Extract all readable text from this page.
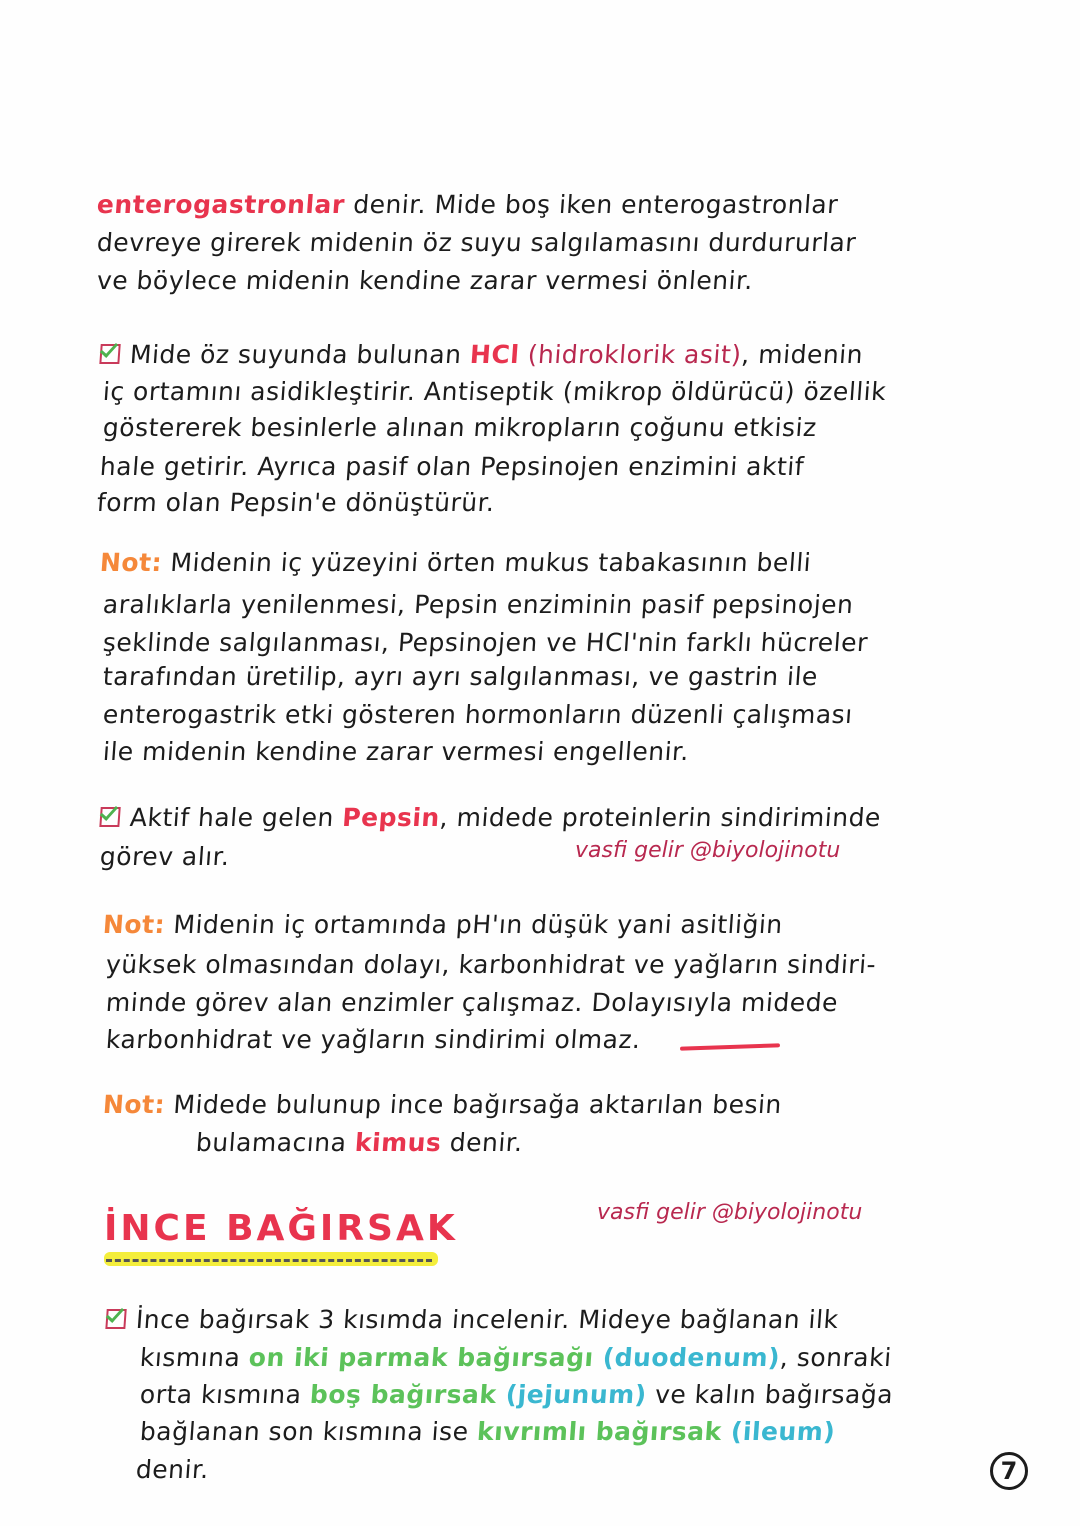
enterogastronlar denir. Mide boş iken enterogastronlar
devreye girerek midenin öz suyu salgılamasını durdururlar
ve böylece midenin kendine zarar vermesi önlenir.
Mide öz suyunda bulunan HCl (hidroklorik asit), midenin
iç ortamını asidikleştirir. Antiseptik (mikrop öldürücü) özellik
göstererek besinlerle alınan mikropların çoğunu etkisiz
hale getirir. Ayrıca pasif olan Pepsinojen enzimini aktif
form olan Pepsin'e dönüştürür.
Not: Midenin iç yüzeyini örten mukus tabakasının belli
aralıklarla yenilenmesi, Pepsin enziminin pasif pepsinojen
şeklinde salgılanması, Pepsinojen ve HCl'nin farklı hücreler
tarafından üretilip, ayrı ayrı salgılanması, ve gastrin ile
enterogastrik etki gösteren hormonların düzenli çalışması
ile midenin kendine zarar vermesi engellenir.
Aktif hale gelen Pepsin, midede proteinlerin sindiriminde
görev alır.
Not: Midenin iç ortamında pH'ın düşük yani asitliğin
yüksek olmasından dolayı, karbonhidrat ve yağların sindiri-
minde görev alan enzimler çalışmaz. Dolayısıyla midede
karbonhidrat ve yağların sindirimi olmaz.
Not: Midede bulunup ince bağırsağa aktarılan besin
bulamacına kimus denir.
İnce bağırsak 3 kısımda incelenir. Mideye bağlanan ilk
kısmına on iki parmak bağırsağı (duodenum), sonraki
orta kısmına boş bağırsak (jejunum) ve kalın bağırsağa
bağlanan son kısmına ise kıvrımlı bağırsak (ileum)
denir.
vasfi gelir @biyolojinotu
İNCE BAĞIRSAK	vasfi gelir @biyolojinotu
7
